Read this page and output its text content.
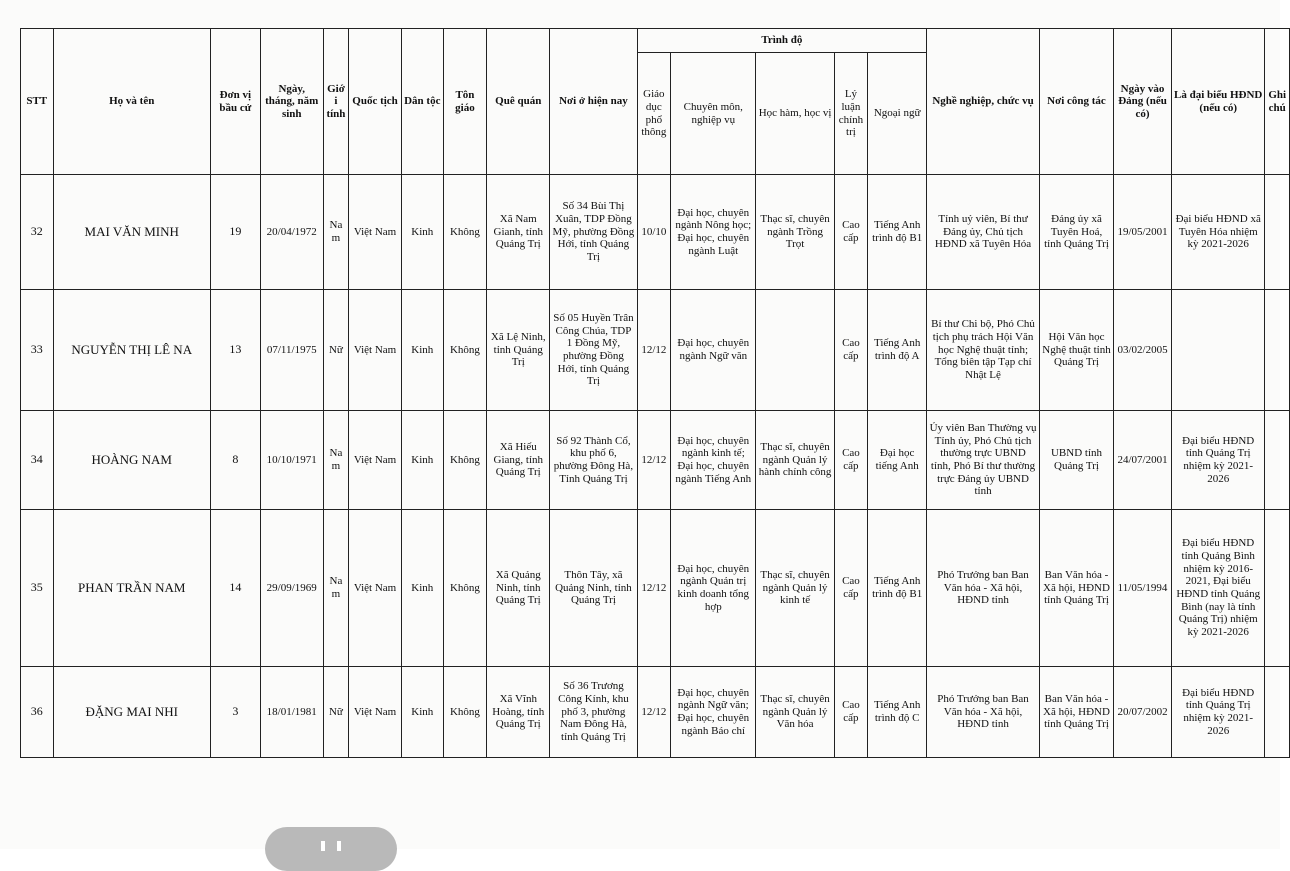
STT	Họ và tên	Đơn vị bầu cử	Ngày, tháng, năm sinh	Giới tính	Quốc tịch	Dân tộc	Tôn giáo	Quê quán	Nơi ở hiện nay	Trình độ					Nghề nghiệp, chức vụ	Nơi công tác	Ngày vào Đảng (nếu có)	Là đại biểu HĐND (nếu có)	Ghi chú
										Giáo dục phổ thông	Chuyên môn, nghiệp vụ	Học hàm, học vị	Lý luận chính trị	Ngoại ngữ					
32	MAI VĂN MINH	19	20/04/1972	Nam	Việt Nam	Kinh	Không	Xã Nam Gianh, tỉnh Quảng Trị	Số 34 Bùi Thị Xuân, TDP Đồng Mỹ, phường Đồng Hới, tỉnh Quảng Trị	10/10	Đại học, chuyên ngành Nông học; Đại học, chuyên ngành Luật	Thạc sĩ, chuyên ngành Trồng Trọt	Cao cấp	Tiếng Anh trình độ B1	Tỉnh uỷ viên, Bí thư Đảng ủy, Chủ tịch HĐND xã Tuyên Hóa	Đảng ủy xã Tuyên Hoá, tỉnh Quảng Trị	19/05/2001	Đại biểu HĐND xã Tuyên Hóa nhiệm kỳ 2021-2026	
33	NGUYỄN THỊ LÊ NA	13	07/11/1975	Nữ	Việt Nam	Kinh	Không	Xã Lệ Ninh, tỉnh Quảng Trị	Số 05 Huyền Trân Công Chúa, TDP 1 Đồng Mỹ, phường Đồng Hới, tỉnh Quảng Trị	12/12	Đại học, chuyên ngành Ngữ văn		Cao cấp	Tiếng Anh trình độ A	Bí thư Chi bộ, Phó Chủ tịch phụ trách Hội Văn học Nghệ thuật tỉnh; Tổng biên tập Tạp chí Nhật Lệ	Hội Văn học Nghệ thuật tỉnh Quảng Trị	03/02/2005		
34	HOÀNG NAM	8	10/10/1971	Nam	Việt Nam	Kinh	Không	Xã Hiếu Giang, tỉnh Quảng Trị	Số 92 Thành Cổ, khu phố 6, phường Đông Hà, Tỉnh Quảng Trị	12/12	Đại học, chuyên ngành kinh tế; Đại học, chuyên ngành Tiếng Anh	Thạc sĩ, chuyên ngành Quản lý hành chính công	Cao cấp	Đại học tiếng Anh	Ủy viên Ban Thường vụ Tỉnh ủy, Phó Chủ tịch thường trực UBND tỉnh, Phó Bí thư thường trực Đảng ủy UBND tỉnh	UBND tỉnh Quảng Trị	24/07/2001	Đại biểu HĐND tỉnh Quảng Trị nhiệm kỳ 2021-2026	
35	PHAN TRẦN NAM	14	29/09/1969	Nam	Việt Nam	Kinh	Không	Xã Quảng Ninh, tỉnh Quảng Trị	Thôn Tây, xã Quảng Ninh, tỉnh Quảng Trị	12/12	Đại học, chuyên ngành Quản trị kinh doanh tổng hợp	Thạc sĩ, chuyên ngành Quản lý kinh tế	Cao cấp	Tiếng Anh trình độ B1	Phó Trưởng ban Ban Văn hóa - Xã hội, HĐND tỉnh	Ban Văn hóa - Xã hội, HĐND tỉnh Quảng Trị	11/05/1994	Đại biểu HĐND tỉnh Quảng Bình nhiệm kỳ 2016-2021, Đại biểu HĐND tỉnh Quảng Bình (nay là tỉnh Quảng Trị) nhiệm kỳ 2021-2026	
36	ĐẶNG MAI NHI	3	18/01/1981	Nữ	Việt Nam	Kinh	Không	Xã Vĩnh Hoàng, tỉnh Quảng Trị	Số 36 Trương Công Kính, khu phố 3, phường Nam Đông Hà, tỉnh Quảng Trị	12/12	Đại học, chuyên ngành Ngữ văn; Đại học, chuyên ngành Báo chí	Thạc sĩ, chuyên ngành Quản lý Văn hóa	Cao cấp	Tiếng Anh trình độ C	Phó Trưởng ban Ban Văn hóa - Xã hội, HĐND tỉnh	Ban Văn hóa - Xã hội, HĐND tỉnh Quảng Trị	20/07/2002	Đại biểu HĐND tỉnh Quảng Trị nhiệm kỳ 2021-2026	
